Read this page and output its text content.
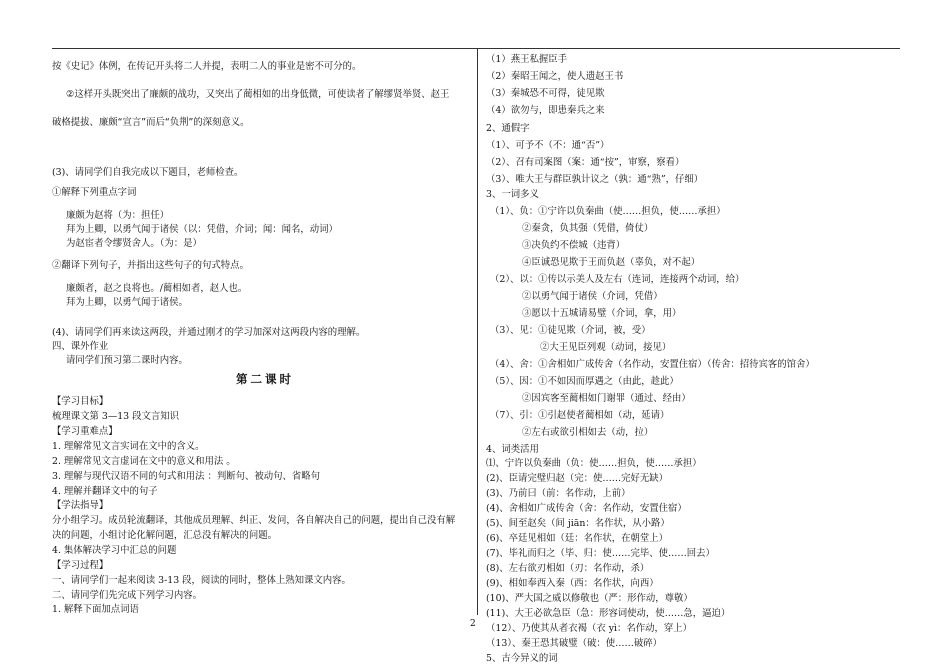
按《史记》体例，在传记开头将二人并提，表明二人的事业是密不可分的。
②这样开头既突出了廉颇的战功，又突出了蔺相如的出身低微，可使读者了解缪贤举贤、赵王
破格提拔、廉颇“宣言”而后“负荆”的深刻意义。
(3)、请同学们自我完成以下题目，老师检查。
①解释下列重点字词
廉颇为赵将（为：担任）
拜为上卿，以勇气闻于诸侯（以：凭借，介词；闻：闻名，动词）
为赵宦者令缪贤舍人。（为：是）
②翻译下列句子，并指出这些句子的句式特点。
廉颇者，赵之良将也。/蔺相如者，赵人也。
拜为上卿，以勇气闻于诸侯。
(4)、请同学们再来读这两段，并通过刚才的学习加深对这两段内容的理解。
四、课外作业
请同学们预习第二课时内容。
第二课时
【学习目标】
梳理课文第 3—13 段文言知识
【学习重难点】
1. 理解常见文言实词在文中的含义。
2. 理解常见文言虚词在文中的意义和用法 。
3. 理解与现代汉语不同的句式和用法 ：判断句、被动句、省略句
4. 理解并翻译文中的句子
【学法指导】
分小组学习。成员轮流翻译，其他成员理解、纠正、发问，各自解决自己的问题，提出自己没有解
决的问题，小组讨论化解问题，汇总没有解决的问题。
4. 集体解决学习中汇总的问题
【学习过程】
一、请同学们一起来阅读 3-13 段，阅读的同时，整体上熟知课文内容。
二、请同学们先完成下列学习内容。
1. 解释下面加点词语
（1）燕王私握臣手
（2）秦昭王闻之，使人遗赵王书
（3）秦城恐不可得，徒见欺
（4）欲勿与，即患秦兵之来
2、通假字
（1）、可予不（不：通“否”）
（2）、召有司案图（案：通“按”，审察，察看）
（3）、唯大王与群臣孰计议之（孰：通“熟”，仔细）
3、一词多义
（1）、负：①宁许以负秦曲（使……担负，使……承担）
②秦贪，负其强（凭借，倚仗）
③决负约不偿城（违背）
④臣诚恐见欺于王而负赵（辜负，对不起）
（2）、以：①传以示美人及左右（连词，连接两个动词，给）
②以勇气闻于诸侯（介词，凭借）
③愿以十五城请易璧（介词，拿，用）
（3）、见：①徒见欺（介词，被，受）
②大王见臣列观（动词，接见）
（4）、舍：①舍相如广成传舍（名作动，安置住宿）（传舍：招待宾客的馆舍）
（5）、因：①不如因而厚遇之（由此，趁此）
②因宾客至蔺相如门谢罪（通过、经由）
（7）、引：①引赵使者蔺相如（动，延请）
②左右或欲引相如去（动，拉）
4、词类活用
⑴、宁许以负秦曲（负：使……担负，使……承担）
(2)、臣请完璧归赵（完：使……完好无缺）
(3)、乃前曰（前：名作动，上前）
(4)、舍相如广成传舍（舍：名作动，安置住宿）
(5)、间至赵矣（间 jiān：名作状，从小路）
(6)、卒廷见相如（廷：名作状，在朝堂上）
(7)、毕礼而归之（毕、归：使……完毕、使……回去）
(8)、左右欲刃相如（刃：名作动，杀）
(9)、相如奉西入秦（西：名作状，向西）
(10)、严大国之威以修敬也（严：形作动，尊敬）
(11)、大王必欲急臣（急：形容词使动，使……急，逼迫）
（12）、乃使其从者衣褐（衣 yì：名作动，穿上）
（13）、秦王恐其破璧（破：使……破碎）
5、古今异义的词
2
